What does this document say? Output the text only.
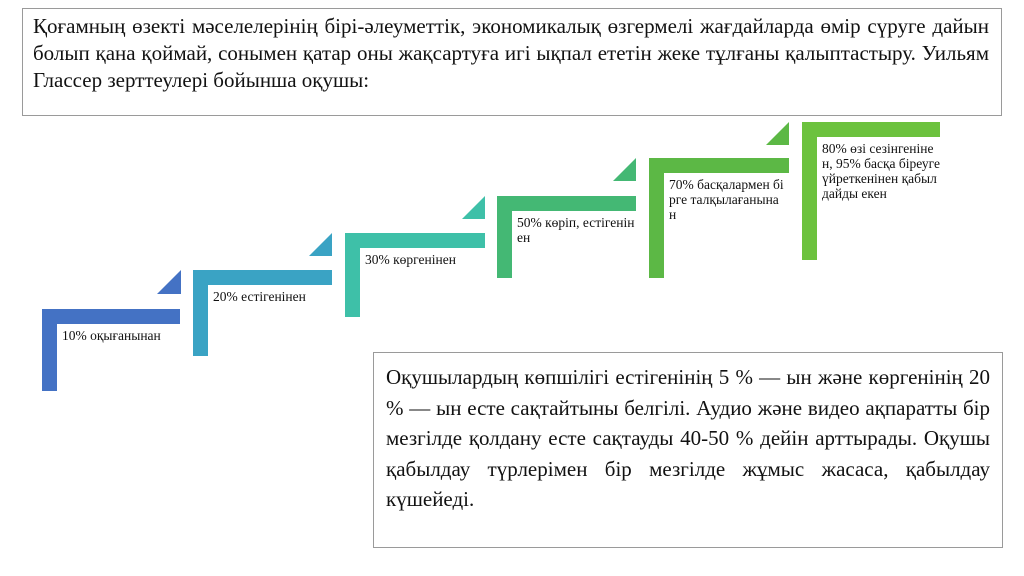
Қоғамның өзекті мәселелерінің бірі-әлеуметтік, экономикалық өзгермелі жағдайларда өмір сүруге дайын болып қана қоймай, сонымен қатар оны жақсартуға игі ықпал ететін жеке тұлғаны қалыптастыру. Уильям Глассер зерттеулері бойынша оқушы:
10% оқығанынан
20% естігенінен
30% көргенінен
50% көріп, естігенінен
70% басқалармен бірге талқылағанына н
80% өзі сезінгенінен, 95% басқа біреуге үйреткенінен қабылдайды екен
Оқушылардың көпшілігі естігенінің 5 % — ын және көргенінің 20 % — ын есте сақтайтыны белгілі. Аудио және видео ақпаратты бір мезгілде қолдану есте сақтауды 40-50 % дейін арттырады. Оқушы қабылдау түрлерімен бір мезгілде жұмыс жасаса, қабылдау күшейеді.
